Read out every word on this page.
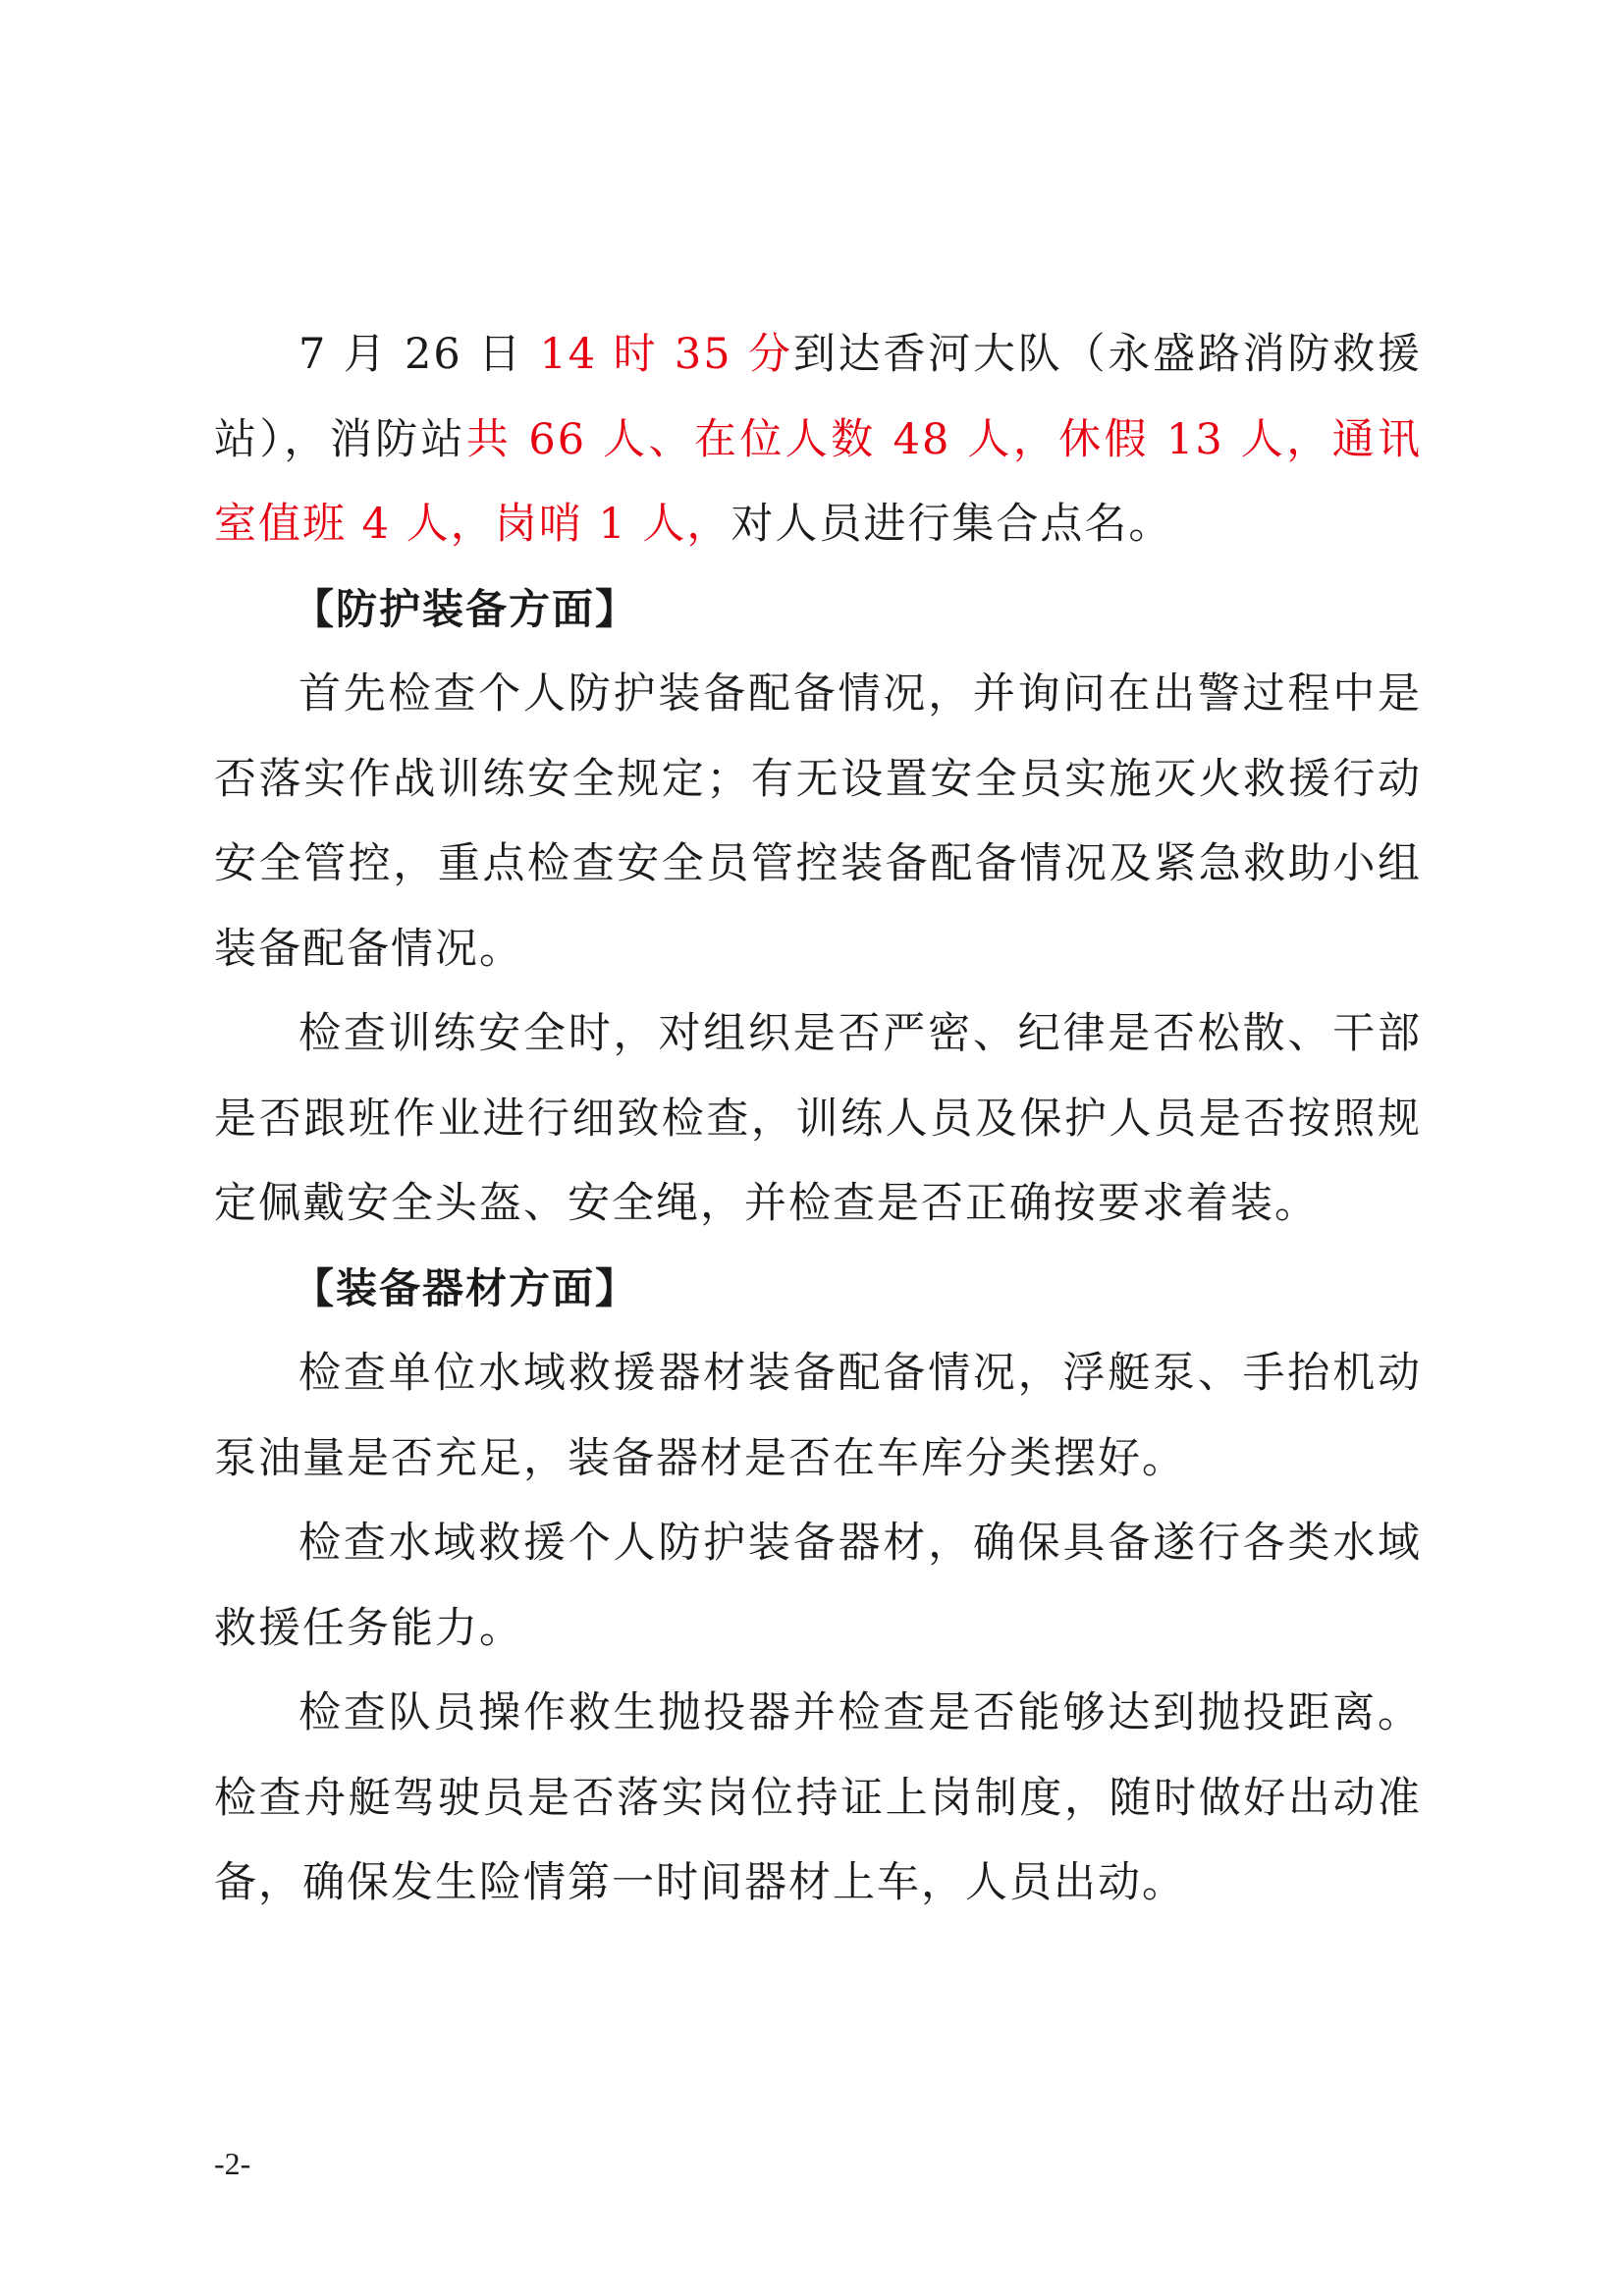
7 月 26 日 14 时 35 分到达香河大队（永盛路消防救援站），消防站共 66 人、在位人数 48 人，休假 13 人，通讯室值班 4 人，岗哨 1 人，对人员进行集合点名。

【防护装备方面】

首先检查个人防护装备配备情况，并询问在出警过程中是否落实作战训练安全规定；有无设置安全员实施灭火救援行动安全管控，重点检查安全员管控装备配备情况及紧急救助小组装备配备情况。

检查训练安全时，对组织是否严密、纪律是否松散、干部是否跟班作业进行细致检查，训练人员及保护人员是否按照规定佩戴安全头盔、安全绳，并检查是否正确按要求着装。

【装备器材方面】

检查单位水域救援器材装备配备情况，浮艇泵、手抬机动泵油量是否充足，装备器材是否在车库分类摆好。

检查水域救援个人防护装备器材，确保具备遂行各类水域救援任务能力。

检查队员操作救生抛投器并检查是否能够达到抛投距离。检查舟艇驾驶员是否落实岗位持证上岗制度，随时做好出动准备，确保发生险情第一时间器材上车，人员出动。

-2-
